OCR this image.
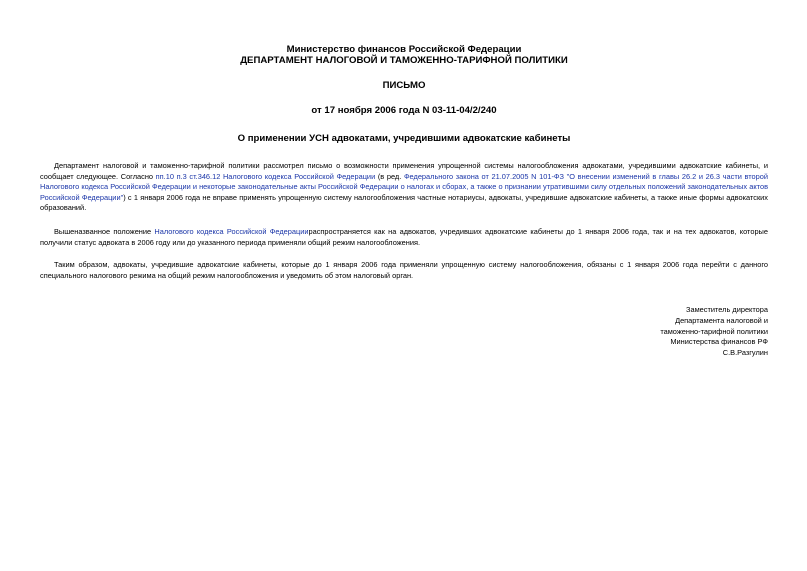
Министерство финансов Российской Федерации
ДЕПАРТАМЕНТ НАЛОГОВОЙ И ТАМОЖЕННО-ТАРИФНОЙ ПОЛИТИКИ
ПИСЬМО
от 17 ноября 2006 года N 03-11-04/2/240
О применении УСН адвокатами, учредившими адвокатские кабинеты

Департамент налоговой и таможенно-тарифной политики рассмотрел письмо о возможности применения упрощенной системы налогообложения адвокатами, учредившими адвокатские кабинеты, и сообщает следующее. Согласно пп.10 п.3 ст.346.12 Налогового кодекса Российской Федерации (в ред. Федерального закона от 21.07.2005 N 101-ФЗ "О внесении изменений в главы 26.2 и 26.3 части второй Налогового кодекса Российской Федерации и некоторые законодательные акты Российской Федерации о налогах и сборах, а также о признании утратившими силу отдельных положений законодательных актов Российской Федерации") с 1 января 2006 года не вправе применять упрощенную систему налогообложения частные нотариусы, адвокаты, учредившие адвокатские кабинеты, а также иные формы адвокатских образований.

Вышеназванное положение Налогового кодекса Российской Федерациираспространяется как на адвокатов, учредивших адвокатские кабинеты до 1 января 2006 года, так и на тех адвокатов, которые получили статус адвоката в 2006 году или до указанного периода применяли общий режим налогообложения.

Таким образом, адвокаты, учредившие адвокатские кабинеты, которые до 1 января 2006 года применяли упрощенную систему налогообложения, обязаны с 1 января 2006 года перейти с данного специального налогового режима на общий режим налогообложения и уведомить об этом налоговый орган.

Заместитель директора
Департамента налоговой и
таможенно-тарифной политики
Министерства финансов РФ
С.В.Разгулин
